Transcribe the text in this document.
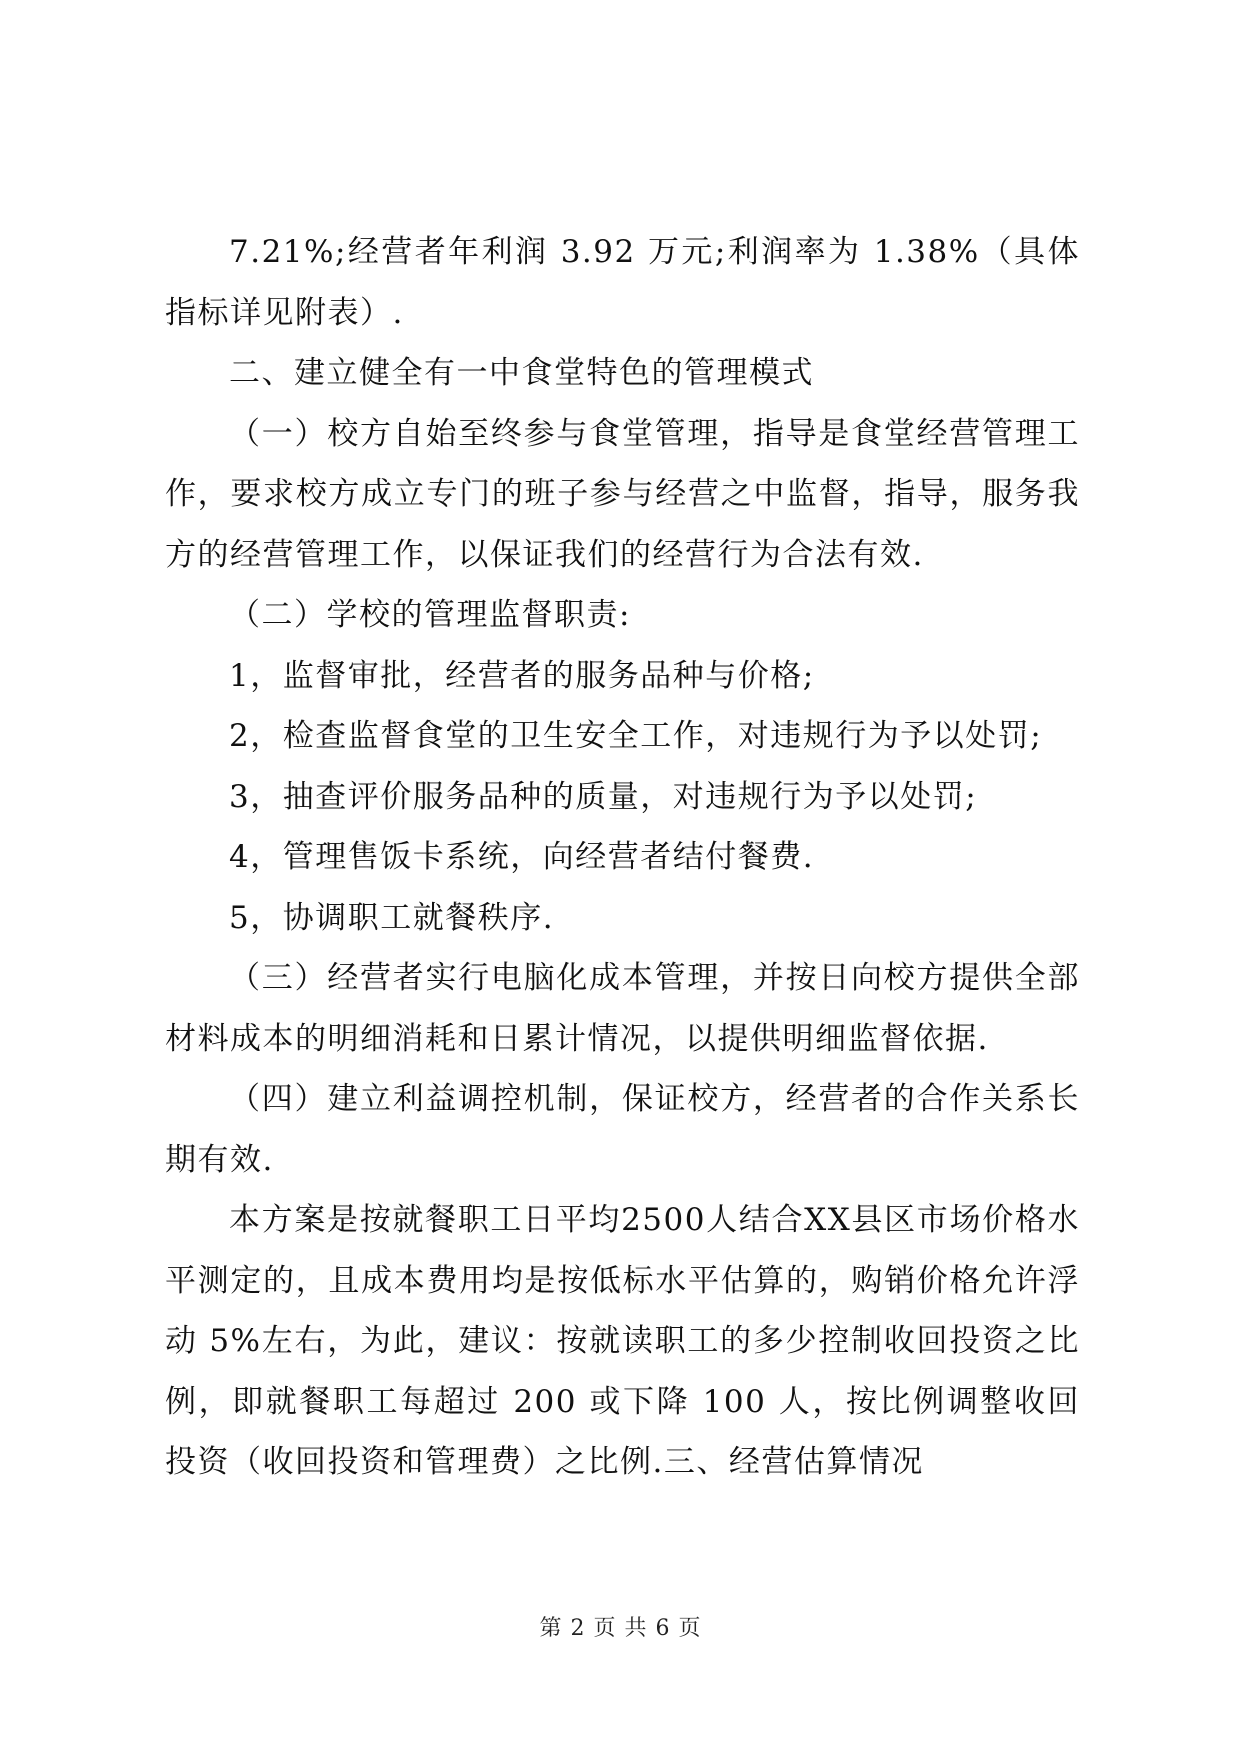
7.21%;经营者年利润 3.92 万元;利润率为 1.38%（具体指标详见附表）.

二、建立健全有一中食堂特色的管理模式

（一）校方自始至终参与食堂管理，指导是食堂经营管理工作，要求校方成立专门的班子参与经营之中监督，指导，服务我方的经营管理工作，以保证我们的经营行为合法有效.

（二）学校的管理监督职责:

1，监督审批，经营者的服务品种与价格;

2，检查监督食堂的卫生安全工作，对违规行为予以处罚;

3，抽查评价服务品种的质量，对违规行为予以处罚;

4，管理售饭卡系统，向经营者结付餐费.

5，协调职工就餐秩序.

（三）经营者实行电脑化成本管理，并按日向校方提供全部材料成本的明细消耗和日累计情况，以提供明细监督依据.

（四）建立利益调控机制，保证校方，经营者的合作关系长期有效.

本方案是按就餐职工日平均2500人结合XX县区市场价格水平测定的，且成本费用均是按低标水平估算的，购销价格允许浮动 5%左右，为此，建议：按就读职工的多少控制收回投资之比例，即就餐职工每超过 200 或下降 100 人，按比例调整收回投资（收回投资和管理费）之比例.三、经营估算情况

第 2 页 共 6 页
